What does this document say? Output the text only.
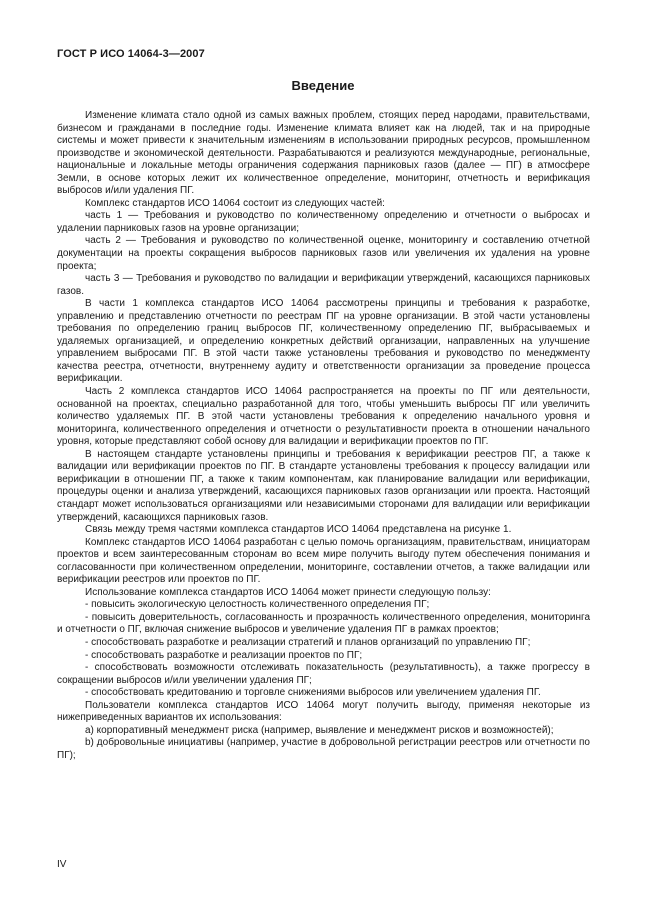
ГОСТ Р ИСО 14064-3—2007
Введение

Изменение климата стало одной из самых важных проблем, стоящих перед народами, правительствами, бизнесом и гражданами в последние годы. Изменение климата влияет как на людей, так и на природные системы и может привести к значительным изменениям в использовании природных ресурсов, промышленном производстве и экономической деятельности. Разрабатываются и реализуются международные, региональные, национальные и локальные методы ограничения содержания парниковых газов (далее — ПГ) в атмосфере Земли, в основе которых лежит их количественное определение, мониторинг, отчетность и верификация выбросов и/или удаления ПГ.

Комплекс стандартов ИСО 14064 состоит из следующих частей:

часть 1 — Требования и руководство по количественному определению и отчетности о выбросах и удалении парниковых газов на уровне организации;

часть 2 — Требования и руководство по количественной оценке, мониторингу и составлению отчетной документации на проекты сокращения выбросов парниковых газов или увеличения их удаления на уровне проекта;

часть 3 — Требования и руководство по валидации и верификации утверждений, касающихся парниковых газов.

В части 1 комплекса стандартов ИСО 14064 рассмотрены принципы и требования к разработке, управлению и представлению отчетности по реестрам ПГ на уровне организации. В этой части установлены требования по определению границ выбросов ПГ, количественному определению ПГ, выбрасываемых и удаляемых организацией, и определению конкретных действий организации, направленных на улучшение управлением выбросами ПГ. В этой части также установлены требования и руководство по менеджменту качества реестра, отчетности, внутреннему аудиту и ответственности организации за проведение процесса верификации.

Часть 2 комплекса стандартов ИСО 14064 распространяется на проекты по ПГ или деятельности, основанной на проектах, специально разработанной для того, чтобы уменьшить выбросы ПГ или увеличить количество удаляемых ПГ. В этой части установлены требования к определению начального уровня и мониторинга, количественного определения и отчетности о результативности проекта в отношении начального уровня, которые представляют собой основу для валидации и верификации проектов по ПГ.

В настоящем стандарте установлены принципы и требования к верификации реестров ПГ, а также к валидации или верификации проектов по ПГ. В стандарте установлены требования к процессу валидации или верификации в отношении ПГ, а также к таким компонентам, как планирование валидации или верификации, процедуры оценки и анализа утверждений, касающихся парниковых газов организации или проекта. Настоящий стандарт может использоваться организациями или независимыми сторонами для валидации или верификации утверждений, касающихся парниковых газов.

Связь между тремя частями комплекса стандартов ИСО 14064 представлена на рисунке 1.

Комплекс стандартов ИСО 14064 разработан с целью помочь организациям, правительствам, инициаторам проектов и всем заинтересованным сторонам во всем мире получить выгоду путем обеспечения понимания и согласованности при количественном определении, мониторинге, составлении отчетов, а также валидации или верификации реестров или проектов по ПГ.

Использование комплекса стандартов ИСО 14064 может принести следующую пользу:

- повысить экологическую целостность количественного определения ПГ;

- повысить доверительность, согласованность и прозрачность количественного определения, мониторинга и отчетности о ПГ, включая снижение выбросов и увеличение удаления ПГ в рамках проектов;

- способствовать разработке и реализации стратегий и планов организаций по управлению ПГ;

- способствовать разработке и реализации проектов по ПГ;

- способствовать возможности отслеживать показательность (результативность), а также прогрессу в сокращении выбросов и/или увеличении удаления ПГ;

- способствовать кредитованию и торговле снижениями выбросов или увеличением удаления ПГ.

Пользователи комплекса стандартов ИСО 14064 могут получить выгоду, применяя некоторые из нижеприведенных вариантов их использования:

а) корпоративный менеджмент риска (например, выявление и менеджмент рисков и возможностей);

b) добровольные инициативы (например, участие в добровольной регистрации реестров или отчетности по ПГ);

IV
